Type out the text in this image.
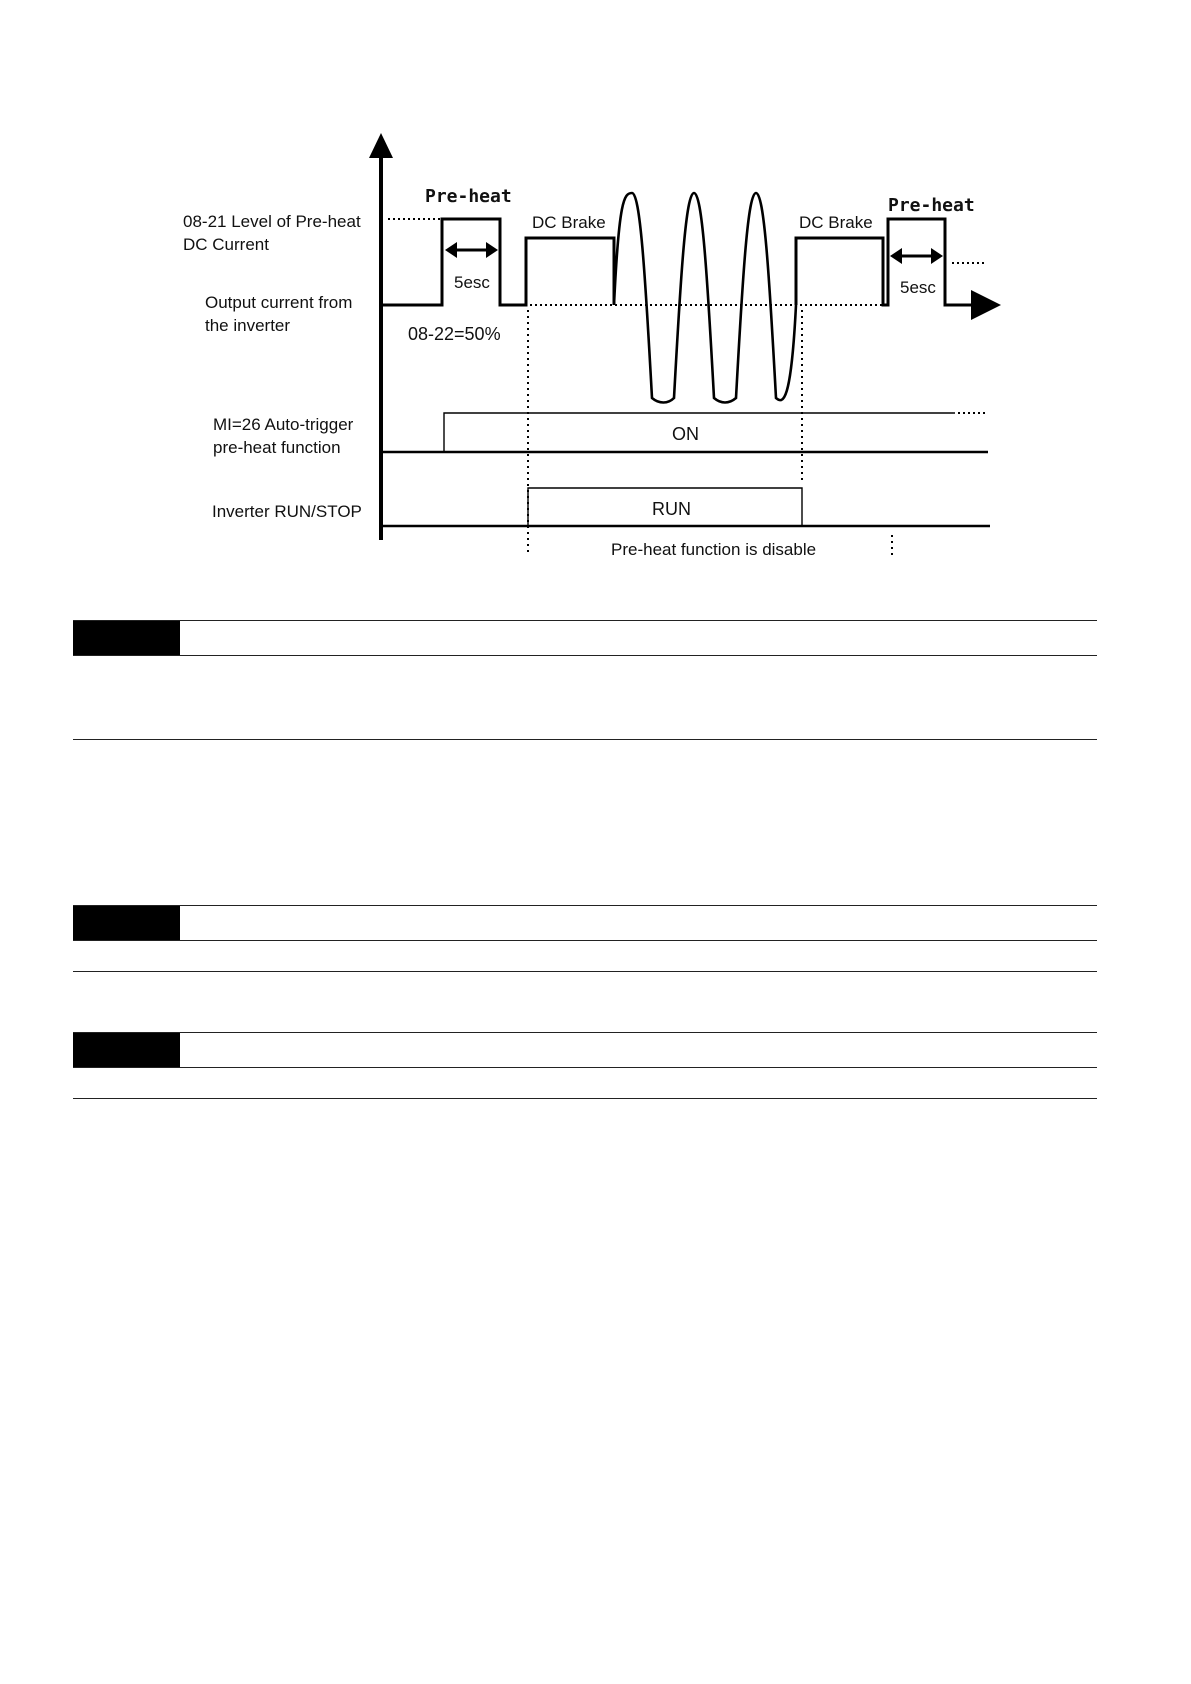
08-21 Level of Pre-heat
DC Current
Output current from
the inverter
MI=26 Auto-trigger
pre-heat function
Inverter RUN/STOP
Pre-heat	Pre-heat
DC Brake	DC Brake
5esc	5esc
08-22=50%
ON
RUN
Pre-heat function is disable
